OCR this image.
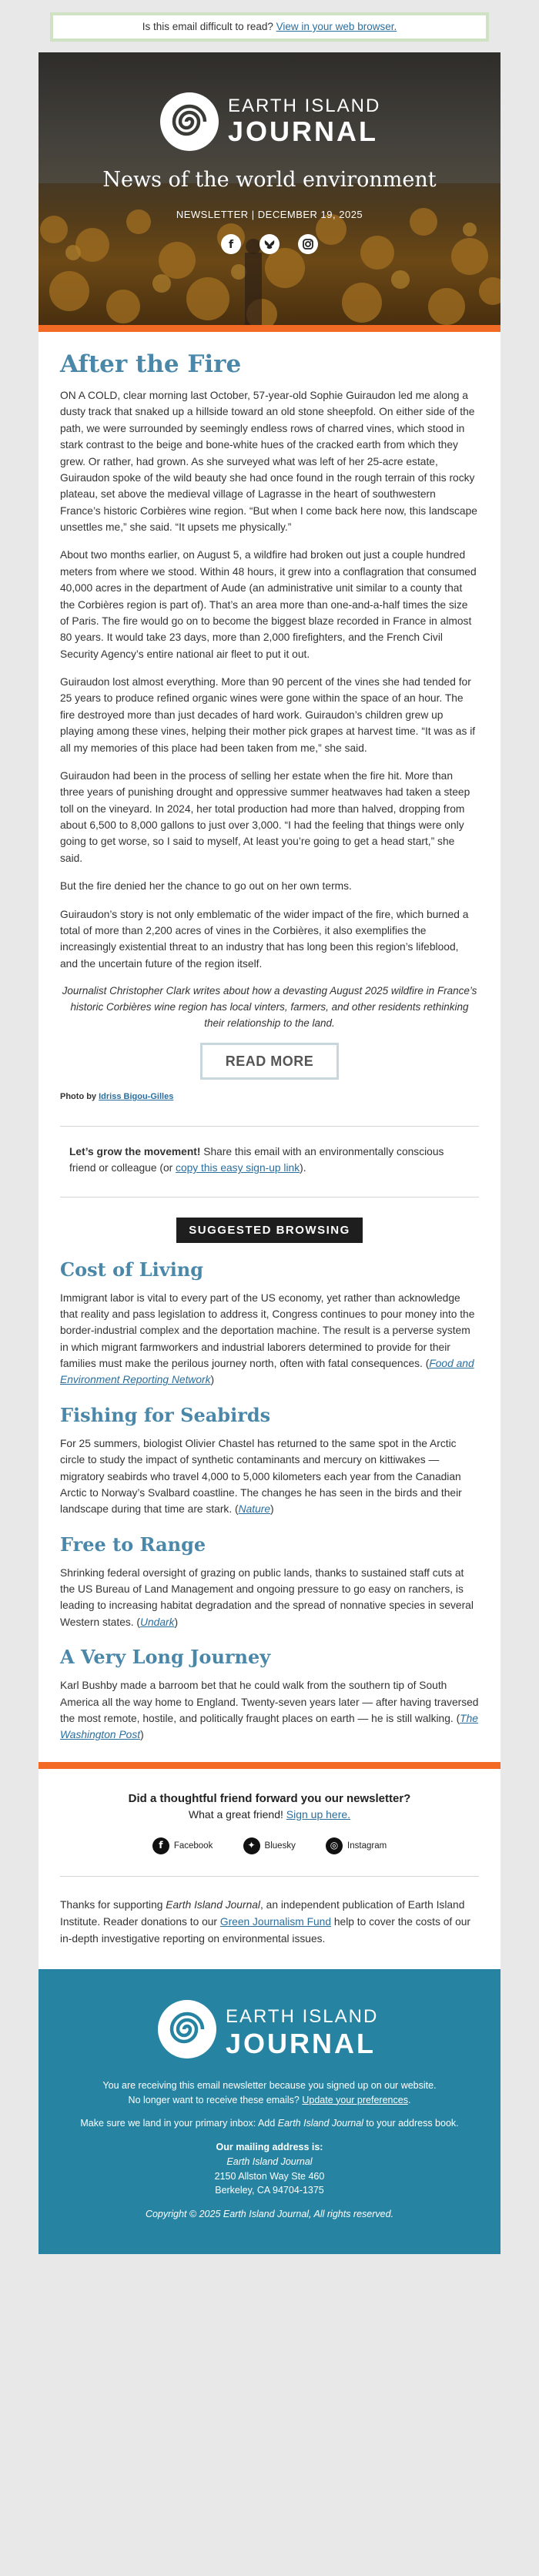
Is this email difficult to read? View in your web browser.
EARTH ISLAND
JOURNAL
News of the world environment
NEWSLETTER | DECEMBER 19, 2025
f

After the Fire

ON A COLD, clear morning last October, 57-year-old Sophie Guiraudon led me along a dusty track that snaked up a hillside toward an old stone sheepfold. On either side of the path, we were surrounded by seemingly endless rows of charred vines, which stood in stark contrast to the beige and bone-white hues of the cracked earth from which they grew. Or rather, had grown. As she surveyed what was left of her 25-acre estate, Guiraudon spoke of the wild beauty she had once found in the rough terrain of this rocky plateau, set above the medieval village of Lagrasse in the heart of southwestern France’s historic Corbières wine region. “But when I come back here now, this landscape unsettles me,” she said. “It upsets me physically.”

About two months earlier, on August 5, a wildfire had broken out just a couple hundred meters from where we stood. Within 48 hours, it grew into a conflagration that consumed 40,000 acres in the department of Aude (an administrative unit similar to a county that the Corbières region is part of). That’s an area more than one-and-a-half times the size of Paris. The fire would go on to become the biggest blaze recorded in France in almost 80 years. It would take 23 days, more than 2,000 firefighters, and the French Civil Security Agency’s entire national air fleet to put it out.

Guiraudon lost almost everything. More than 90 percent of the vines she had tended for 25 years to produce refined organic wines were gone within the space of an hour. The fire destroyed more than just decades of hard work. Guiraudon’s children grew up playing among these vines, helping their mother pick grapes at harvest time. “It was as if all my memories of this place had been taken from me,” she said.

Guiraudon had been in the process of selling her estate when the fire hit. More than three years of punishing drought and oppressive summer heatwaves had taken a steep toll on the vineyard. In 2024, her total production had more than halved, dropping from about 6,500 to 8,000 gallons to just over 3,000. “I had the feeling that things were only going to get worse, so I said to myself, At least you’re going to get a head start,” she said.

But the fire denied her the chance to go out on her own terms.

Guiraudon’s story is not only emblematic of the wider impact of the fire, which burned a total of more than 2,200 acres of vines in the Corbières, it also exemplifies the increasingly existential threat to an industry that has long been this region’s lifeblood, and the uncertain future of the region itself.

Journalist Christopher Clark writes about how a devasting August 2025 wildfire in France’s historic Corbières wine region has local vinters, farmers, and other residents rethinking their relationship to the land.

READ MORE
Photo by Idriss Bigou-Gilles
Let’s grow the movement! Share this email with an environmentally conscious friend or colleague (or copy this easy sign-up link).
SUGGESTED BROWSING
Cost of Living

Immigrant labor is vital to every part of the US economy, yet rather than acknowledge that reality and pass legislation to address it, Congress continues to pour money into the border-industrial complex and the deportation machine. The result is a perverse system in which migrant farmworkers and industrial laborers determined to provide for their families must make the perilous journey north, often with fatal consequences. (Food and Environment Reporting Network)

Fishing for Seabirds

For 25 summers, biologist Olivier Chastel has returned to the same spot in the Arctic circle to study the impact of synthetic contaminants and mercury on kittiwakes — migratory seabirds who travel 4,000 to 5,000 kilometers each year from the Canadian Arctic to Norway’s Svalbard coastline. The changes he has seen in the birds and their landscape during that time are stark. (Nature)

Free to Range

Shrinking federal oversight of grazing on public lands, thanks to sustained staff cuts at the US Bureau of Land Management and ongoing pressure to go easy on ranchers, is leading to increasing habitat degradation and the spread of nonnative species in several Western states. (Undark)

A Very Long Journey

Karl Bushby made a barroom bet that he could walk from the southern tip of South America all the way home to England. Twenty-seven years later — after having traversed the most remote, hostile, and politically fraught places on earth — he is still walking. (The Washington Post)

Did a thoughtful friend forward you our newsletter?
What a great friend! Sign up here.
f	Facebook	✦	Bluesky	◎	Instagram
Thanks for supporting Earth Island Journal, an independent publication of Earth Island Institute. Reader donations to our Green Journalism Fund help to cover the costs of our in-depth investigative reporting on environmental issues.
EARTH ISLAND
JOURNAL

You are receiving this email newsletter because you signed up on our website.
No longer want to receive these emails? Update your preferences.

Make sure we land in your primary inbox: Add Earth Island Journal to your address book.

Our mailing address is:
Earth Island Journal
2150 Allston Way Ste 460
Berkeley, CA 94704-1375

Copyright © 2025 Earth Island Journal, All rights reserved.
